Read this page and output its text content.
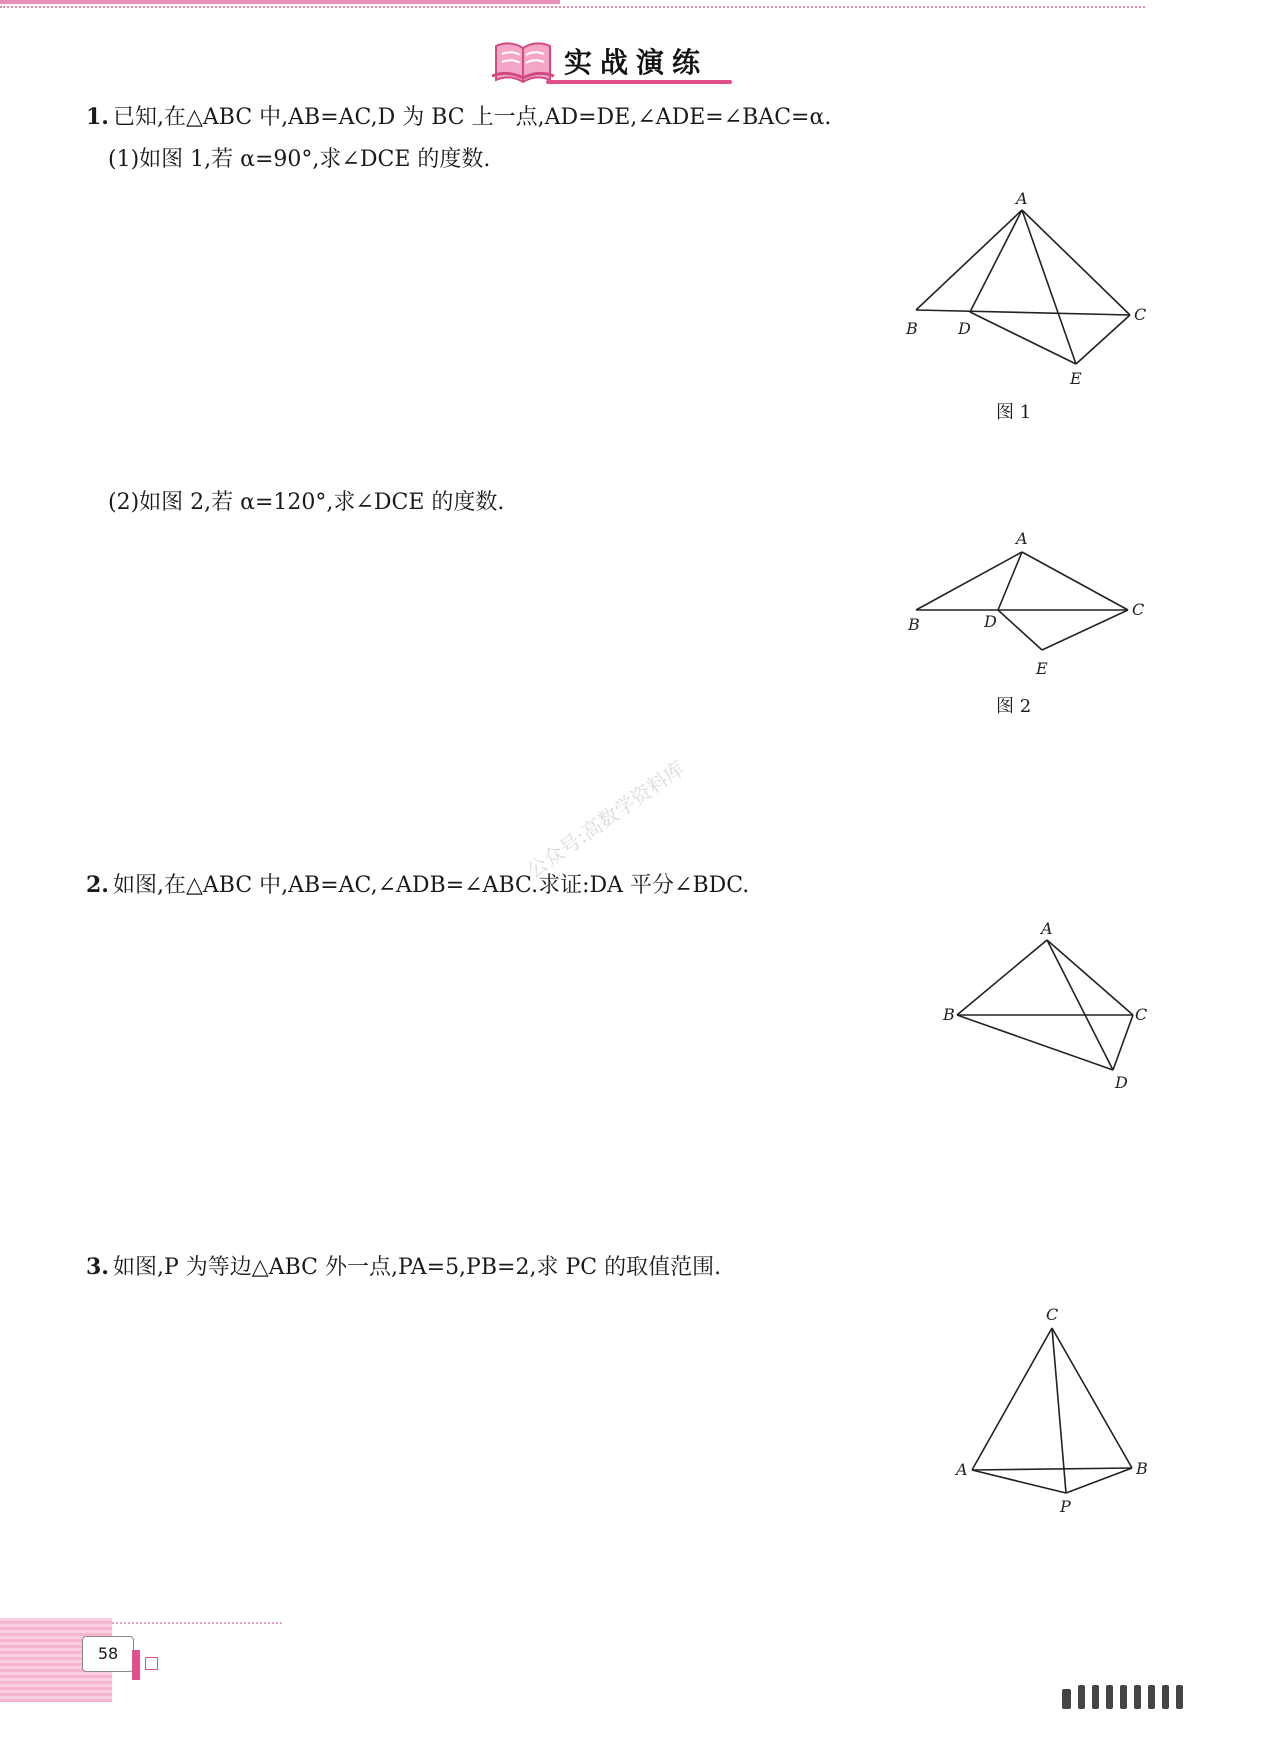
实战演练
1. 已知,在△ABC 中,AB=AC,D 为 BC 上一点,AD=DE,∠ADE=∠BAC=α.
(1)如图 1,若 α=90°,求∠DCE 的度数.
A
B
C
D
E
图 1
(2)如图 2,若 α=120°,求∠DCE 的度数.
A
B
C
D
E
图 2
公众号:高数学资料库
2. 如图,在△ABC 中,AB=AC,∠ADB=∠ABC.求证:DA 平分∠BDC.
A
B	C
D
3. 如图,P 为等边△ABC 外一点,PA=5,PB=2,求 PC 的取值范围.
C
A	B
P
58
